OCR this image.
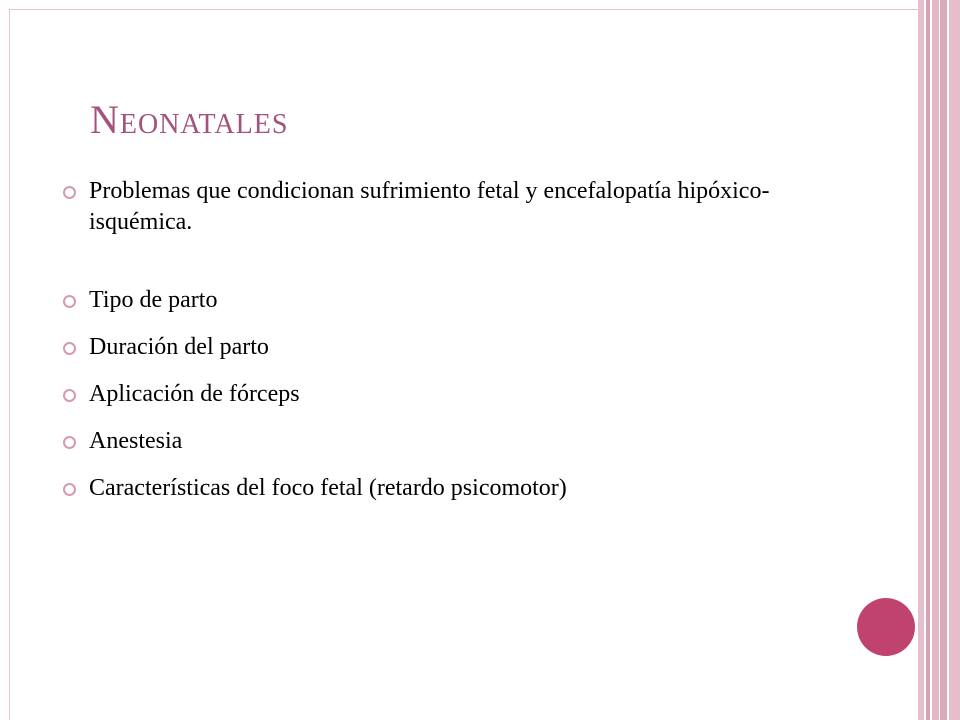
Neonatales
Problemas que condicionan sufrimiento fetal y encefalopatía hipóxico-isquémica.
Tipo de parto
Duración del parto
Aplicación de fórceps
Anestesia
Características del foco fetal (retardo psicomotor)
